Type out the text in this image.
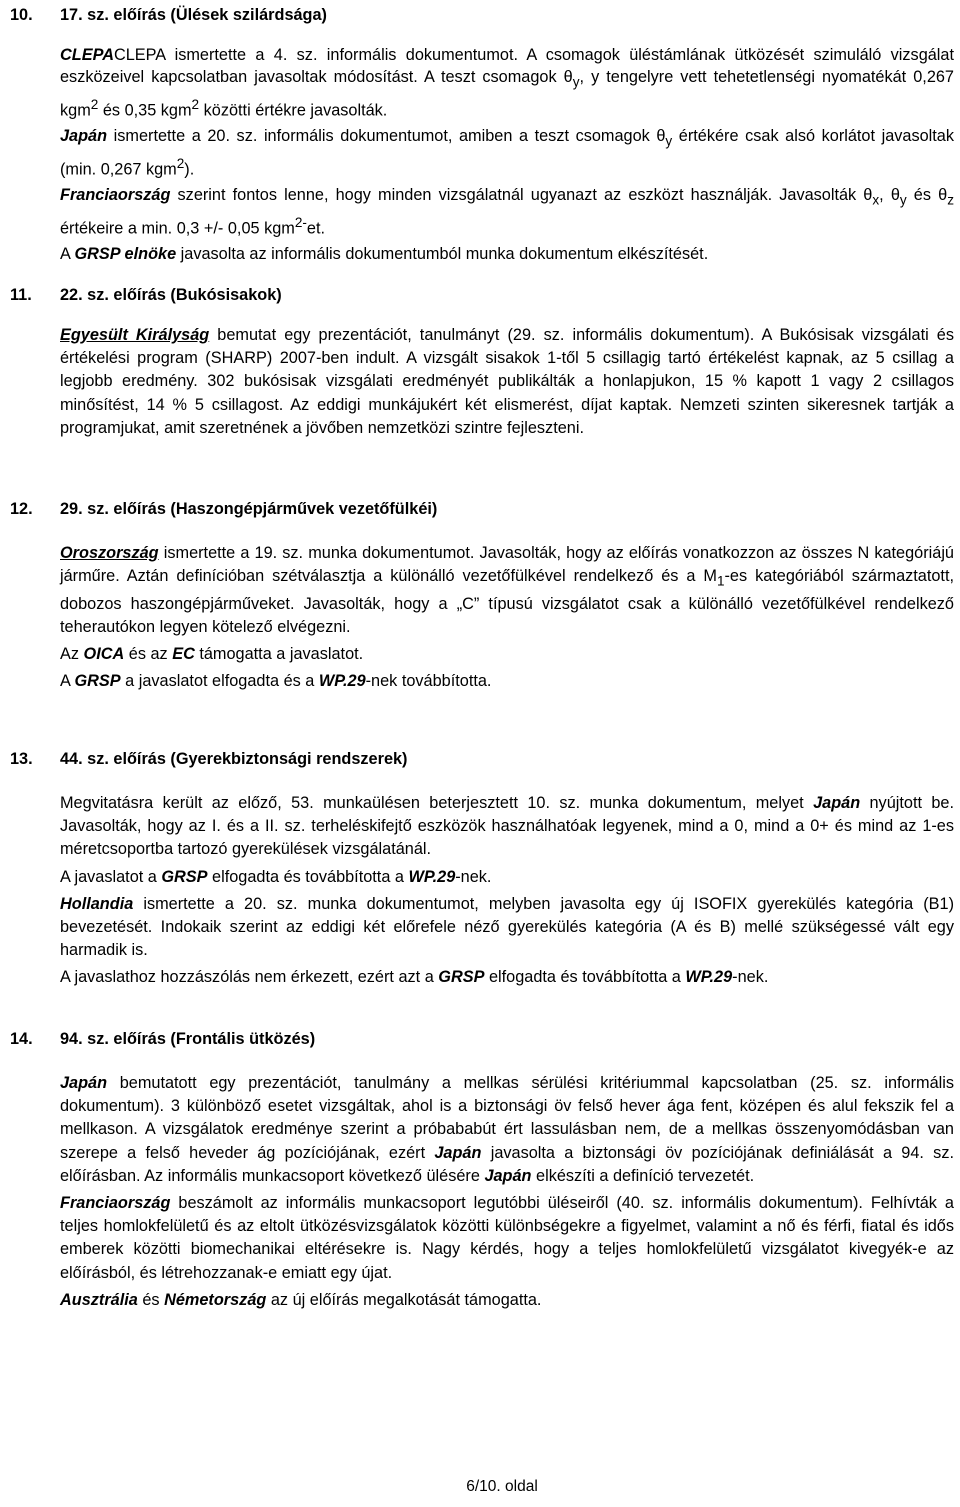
10. 17. sz. előírás (Ülések szilárdsága)

CLEPACLEPA ismertette a 4. sz. informális dokumentumot. A csomagok üléstámlának ütközését szimuláló vizsgálat eszközeivel kapcsolatban javasoltak módosítást. A teszt csomagok $\theta_y$, y tengelyre vett tehetetlenségi nyomatékát 0,267 kgm$^2$ és 0,35 kgm$^2$ közötti értékre javasolták.

Japán ismertette a 20. sz. informális dokumentumot, amiben a teszt csomagok $\theta_y$ értékére csak alsó korlátot javasoltak (min. 0,267 kgm$^2$).

Franciaország szerint fontos lenne, hogy minden vizsgálatnál ugyanazt az eszközt használják. Javasolták $\theta_x$, $\theta_y$ és $\theta_z$ értékeire a min. 0,3 +/- 0,05 kgm$^{2-}$et.

A GRSP elnöke javasolta az informális dokumentumból munka dokumentum elkészítését.

11. 22. sz. előírás (Bukósisakok)

Egyesült Királyság bemutat egy prezentációt, tanulmányt (29. sz. informális dokumentum). A Bukósisak vizsgálati és értékelési program (SHARP) 2007-ben indult. A vizsgált sisakok 1-től 5 csillagig tartó értékelést kapnak, az 5 csillag a legjobb eredmény. 302 bukósisak vizsgálati eredményét publikálták a honlapjukon, 15 % kapott 1 vagy 2 csillagos minősítést, 14 % 5 csillagost. Az eddigi munkájukért két elismerést, díjat kaptak. Nemzeti szinten sikeresnek tartják a programjukat, amit szeretnének a jövőben nemzetközi szintre fejleszteni.

12. 29. sz. előírás (Haszongépjárművek vezetőfülkéi)

Oroszország ismertette a 19. sz. munka dokumentumot. Javasolták, hogy az előírás vonatkozzon az összes N kategóriájú járműre. Aztán definícióban szétválasztja a különálló vezetőfülkével rendelkező és a $M_1-es$ kategóriából származtatott, dobozos haszongépjárműveket. Javasolták, hogy a „C” típusú vizsgálatot csak a különálló vezetőfülkével rendelkező teherautókon legyen kötelező elvégezni.

Az OICA és az EC támogatta a javaslatot.

A GRSP a javaslatot elfogadta és a WP.29-nek továbbította.

13. 44. sz. előírás (Gyerekbiztonsági rendszerek)

Megvitatásra került az előző, 53. munkaülésen beterjesztett 10. sz. munka dokumentum, melyet Japán nyújtott be. Javasolták, hogy az I. és a II. sz. terheléskifejtő eszközök használhatóak legyenek, mind a 0, mind a 0+ és mind az 1-es méretcsoportba tartozó gyerekülések vizsgálatánál.

A javaslatot a GRSP elfogadta és továbbította a WP.29-nek.

Hollandia ismertette a 20. sz. munka dokumentumot, melyben javasolta egy új ISOFIX gyerekülés kategória (B1) bevezetését. Indokaik szerint az eddigi két előrefele néző gyerekülés kategória (A és B) mellé szükségessé vált egy harmadik is.

A javaslathoz hozzászólás nem érkezett, ezért azt a GRSP elfogadta és továbbította a WP.29-nek.

14. 94. sz. előírás (Frontális ütközés)

Japán bemutatott egy prezentációt, tanulmány a mellkas sérülési kritériummal kapcsolatban (25. sz. informális dokumentum). 3 különböző esetet vizsgáltak, ahol is a biztonsági öv felső hever ága fent, középen és alul fekszik fel a mellkason. A vizsgálatok eredménye szerint a próbababút ért lassulásban nem, de a mellkas összenyomódásban van szerepe a felső heveder ág pozíciójának, ezért Japán javasolta a biztonsági öv pozíciójának definiálását a 94. sz. előírásban. Az informális munkacsoport következő ülésére Japán elkészíti a definíció tervezetét.

Franciaország beszámolt az informális munkacsoport legutóbbi üléseiről (40. sz. informális dokumentum). Felhívták a teljes homlokfelületű és az eltolt ütközésvizsgálatok közötti különbségekre a figyelmet, valamint a nő és férfi, fiatal és idős emberek közötti biomechanikai eltérésekre is. Nagy kérdés, hogy a teljes homlokfelületű vizsgálatot kivegyék-e az előírásból, és létrehozzanak-e emiatt egy újat.

Ausztrália és Németország az új előírás megalkotását támogatta.

6/10. oldal
